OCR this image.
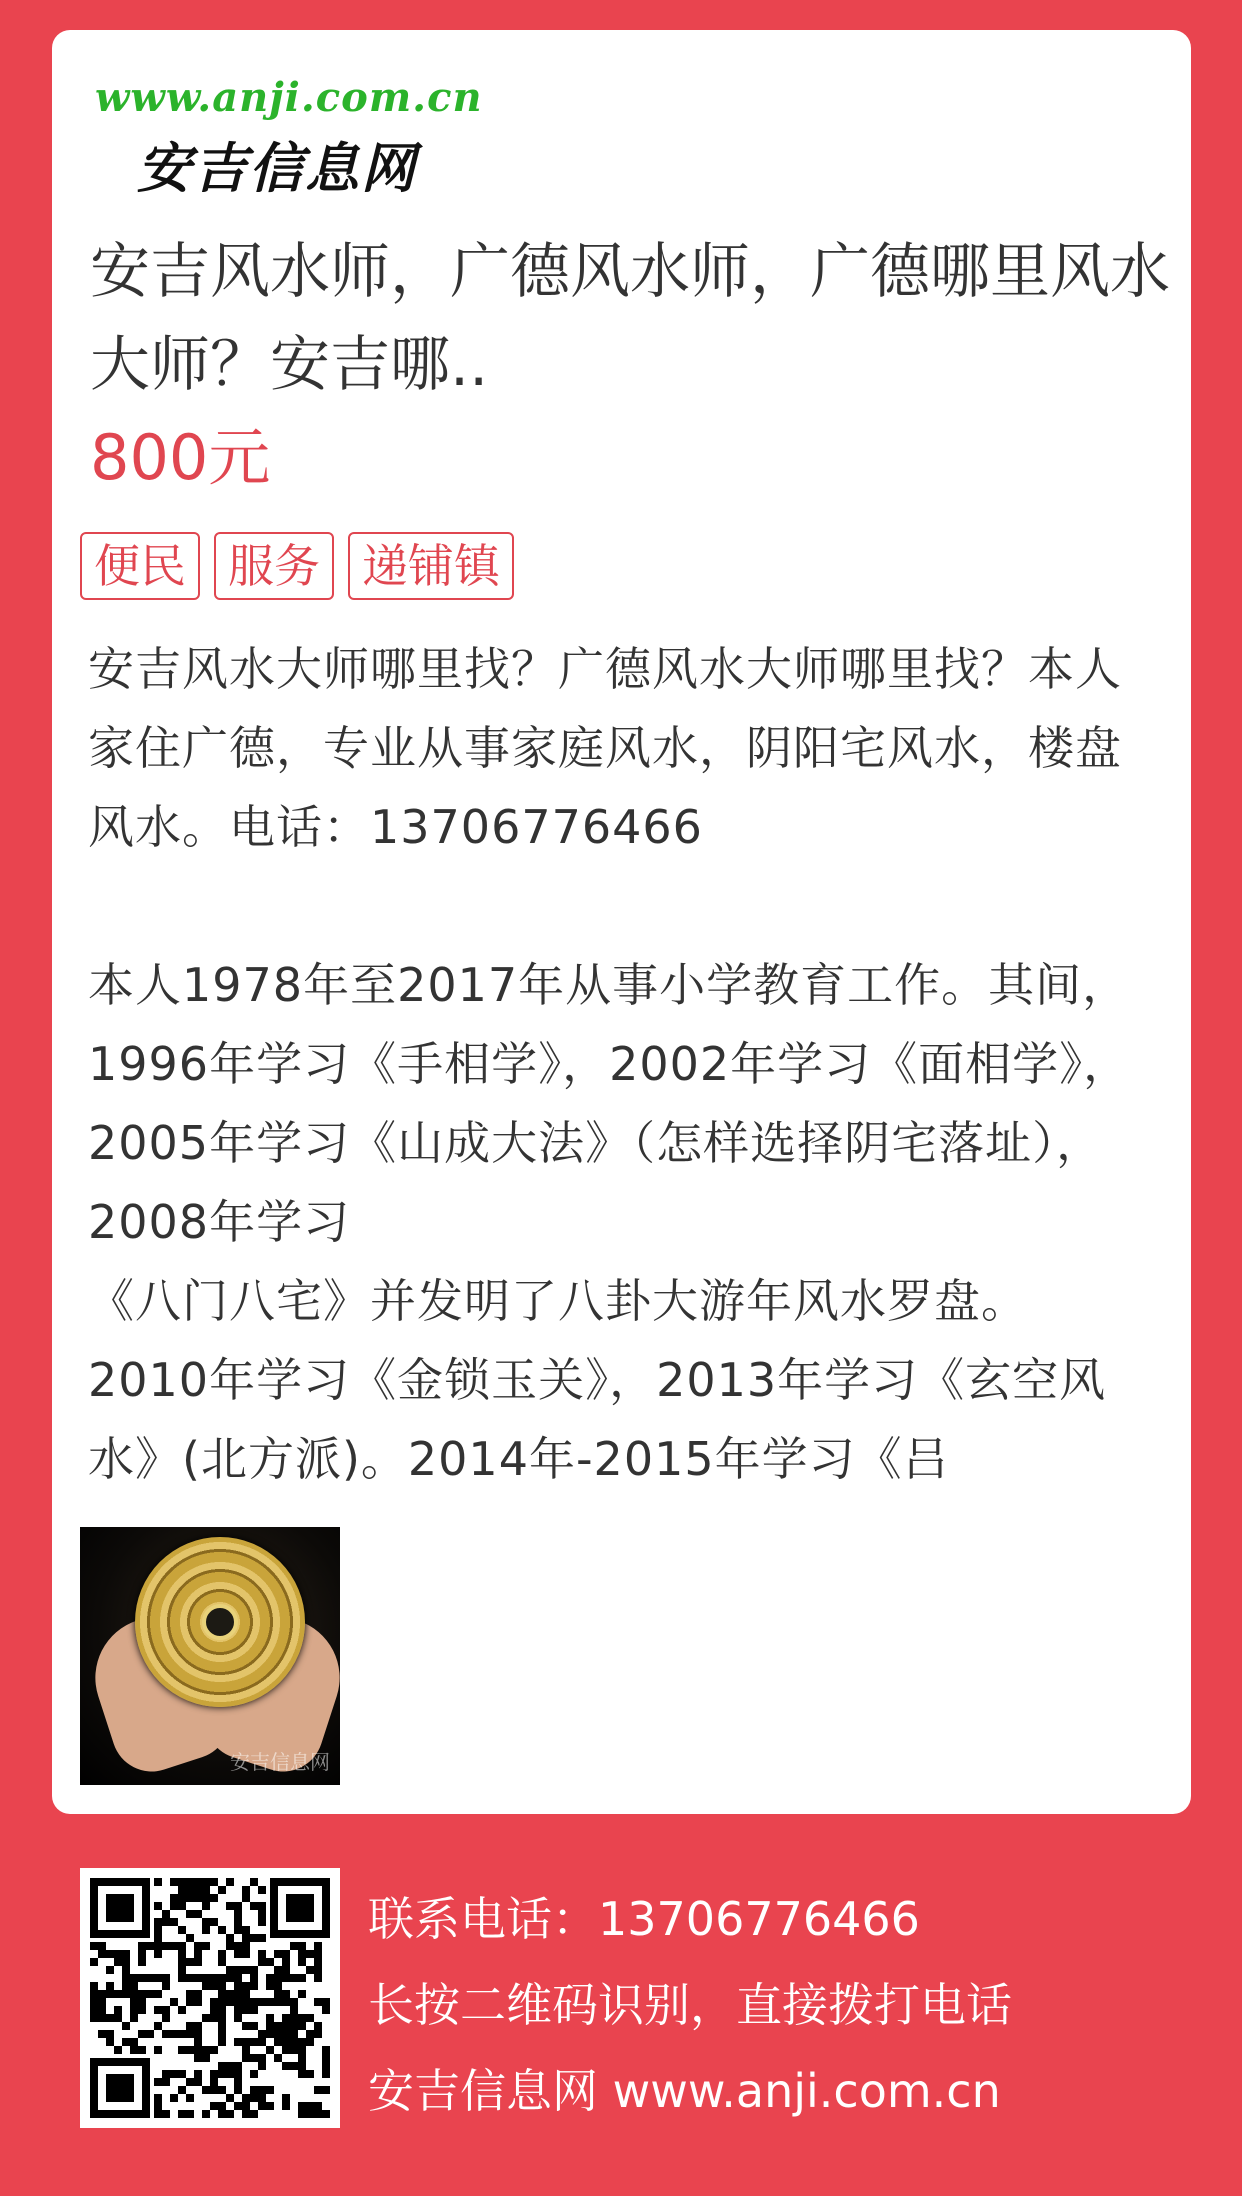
www.anji.com.cn
安吉信息网
安吉风水师，广德风水师，广德哪里风水大师？安吉哪..
800元
便民 服务 递铺镇

安吉风水大师哪里找？广德风水大师哪里找？本人家住广德，专业从事家庭风水，阴阳宅风水，楼盘风水。电话：13706776466

本人1978年至2017年从事小学教育工作。其间，1996年学习《手相学》，2002年学习《面相学》，2005年学习《山成大法》（怎样选择阴宅落址），2008年学习

《八门八宅》并发明了八卦大游年风水罗盘。2010年学习《金锁玉关》，2013年学习《玄空风水》(北方派)。2014年-2015年学习《吕

安吉信息网
联系电话：13706776466
长按二维码识别，直接拨打电话
安吉信息网 www.anji.com.cn
